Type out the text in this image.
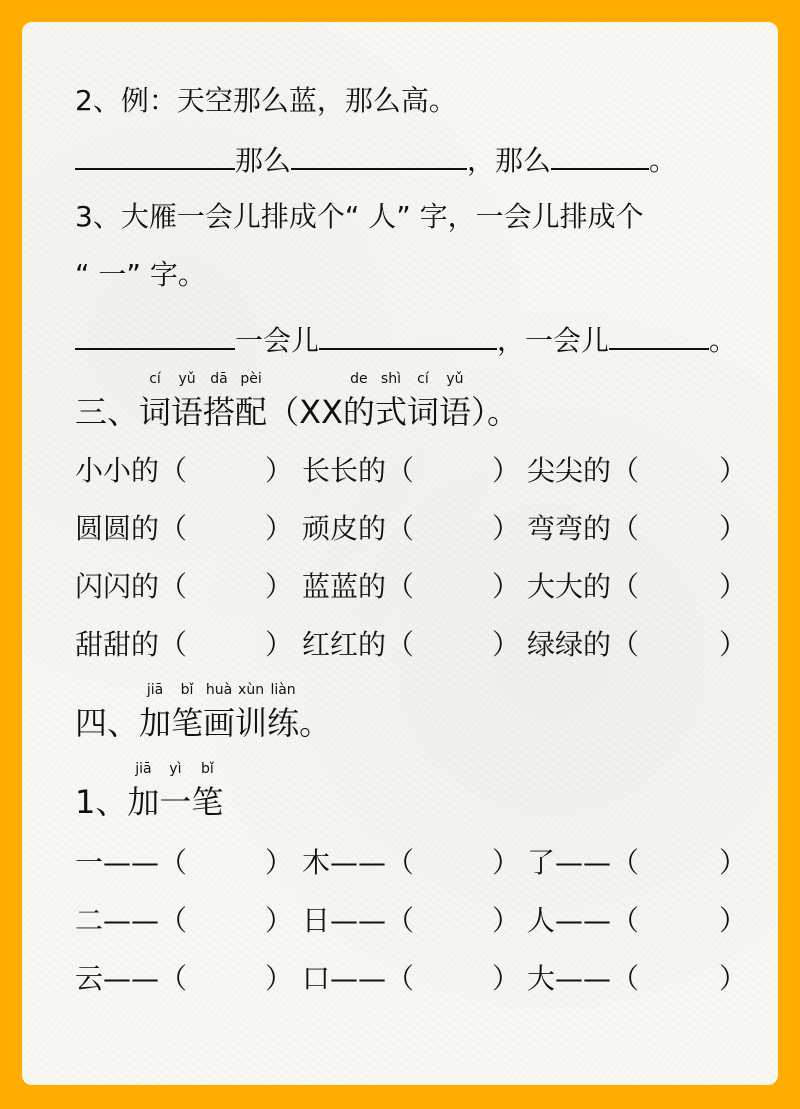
2、例：天空那么蓝，那么高。
那么	，那么	。
3、大雁一会儿排成个“ 人” 字，一会儿排成个
“ 一” 字。
一会儿	，一会儿	。
cí
三、词
yǔ
语
dā
搭
pèi
配（XX
de
的
shì
式
cí
词
yǔ
语）。
小小的（	） 长长的（	） 尖尖的（	）
圆圆的（	） 顽皮的（	） 弯弯的（	）
闪闪的（	） 蓝蓝的（	） 大大的（	）
甜甜的（	） 红红的（	） 绿绿的（	）
jiā
四、加
bǐ
笔
huà
画
xùn
训
liàn
练。
1、
jiā
加
yì
一
bǐ
笔
一——（	） 木——（	） 了——（	）
二——（	） 日——（	） 人——（	）
云——（	） 口——（	） 大——（	）
